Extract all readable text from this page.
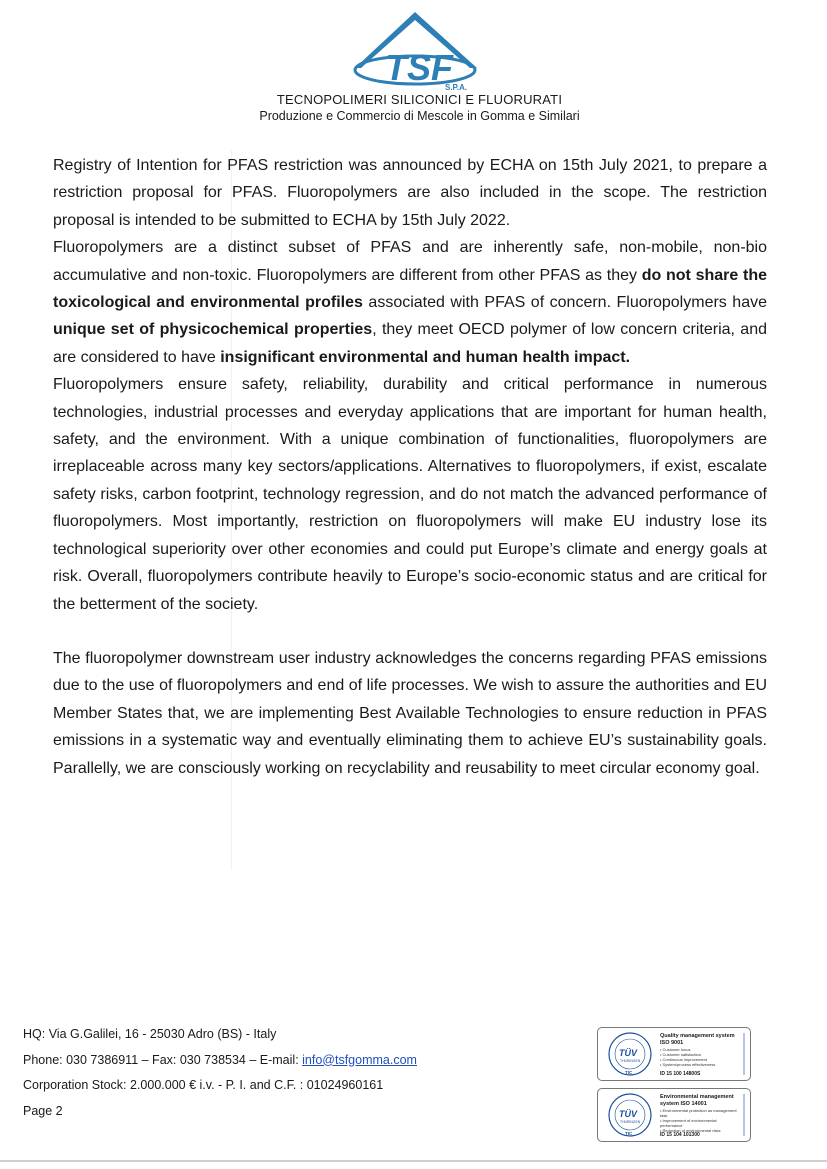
TSF
S.P.A.
TECNOPOLIMERI SILICONICI E FLUORURATI
Produzione e Commercio di Mescole in Gomma e Similari

Registry of Intention for PFAS restriction was announced by ECHA on 15th July 2021, to prepare a restriction proposal for PFAS. Fluoropolymers are also included in the scope. The restriction proposal is intended to be submitted to ECHA by 15th July 2022.

Fluoropolymers are a distinct subset of PFAS and are inherently safe, non-mobile, non-bio accumulative and non-toxic. Fluoropolymers are different from other PFAS as they do not share the toxicological and environmental profiles associated with PFAS of concern. Fluoropolymers have unique set of physicochemical properties, they meet OECD polymer of low concern criteria, and are considered to have insignificant environmental and human health impact.

Fluoropolymers ensure safety, reliability, durability and critical performance in numerous technologies, industrial processes and everyday applications that are important for human health, safety, and the environment. With a unique combination of functionalities, fluoropolymers are irreplaceable across many key sectors/applications. Alternatives to fluoropolymers, if exist, escalate safety risks, carbon footprint, technology regression, and do not match the advanced performance of fluoropolymers. Most importantly, restriction on fluoropolymers will make EU industry lose its technological superiority over other economies and could put Europe’s climate and energy goals at risk. Overall, fluoropolymers contribute heavily to Europe’s socio-economic status and are critical for the betterment of the society.

The fluoropolymer downstream user industry acknowledges the concerns regarding PFAS emissions due to the use of fluoropolymers and end of life processes. We wish to assure the authorities and EU Member States that, we are implementing Best Available Technologies to ensure reduction in PFAS emissions in a systematic way and eventually eliminating them to achieve EU’s sustainability goals. Parallelly, we are consciously working on recyclability and reusability to meet circular economy goal.

HQ: Via G.Galilei, 16 - 25030 Adro (BS) - Italy
Phone: 030 7386911 – Fax: 030 738534 – E-mail: info@tsfgomma.com
Corporation Stock: 2.000.000 € i.v. - P. I. and C.F. : 01024960161
Page 2
TÜV
THÜRINGEN
TIC
Quality management system ISO 9001
• Customer focus
• Customer satisfaction
• Continuous improvement
• System/process effectiveness
ID 15 100 14800S
TÜV
THÜRINGEN
TIC
Environmental management system ISO 14001
• Environmental protection as management task
• Improvement of environmental performance
• Reduction of environmental risks
ID 15 104 101300
